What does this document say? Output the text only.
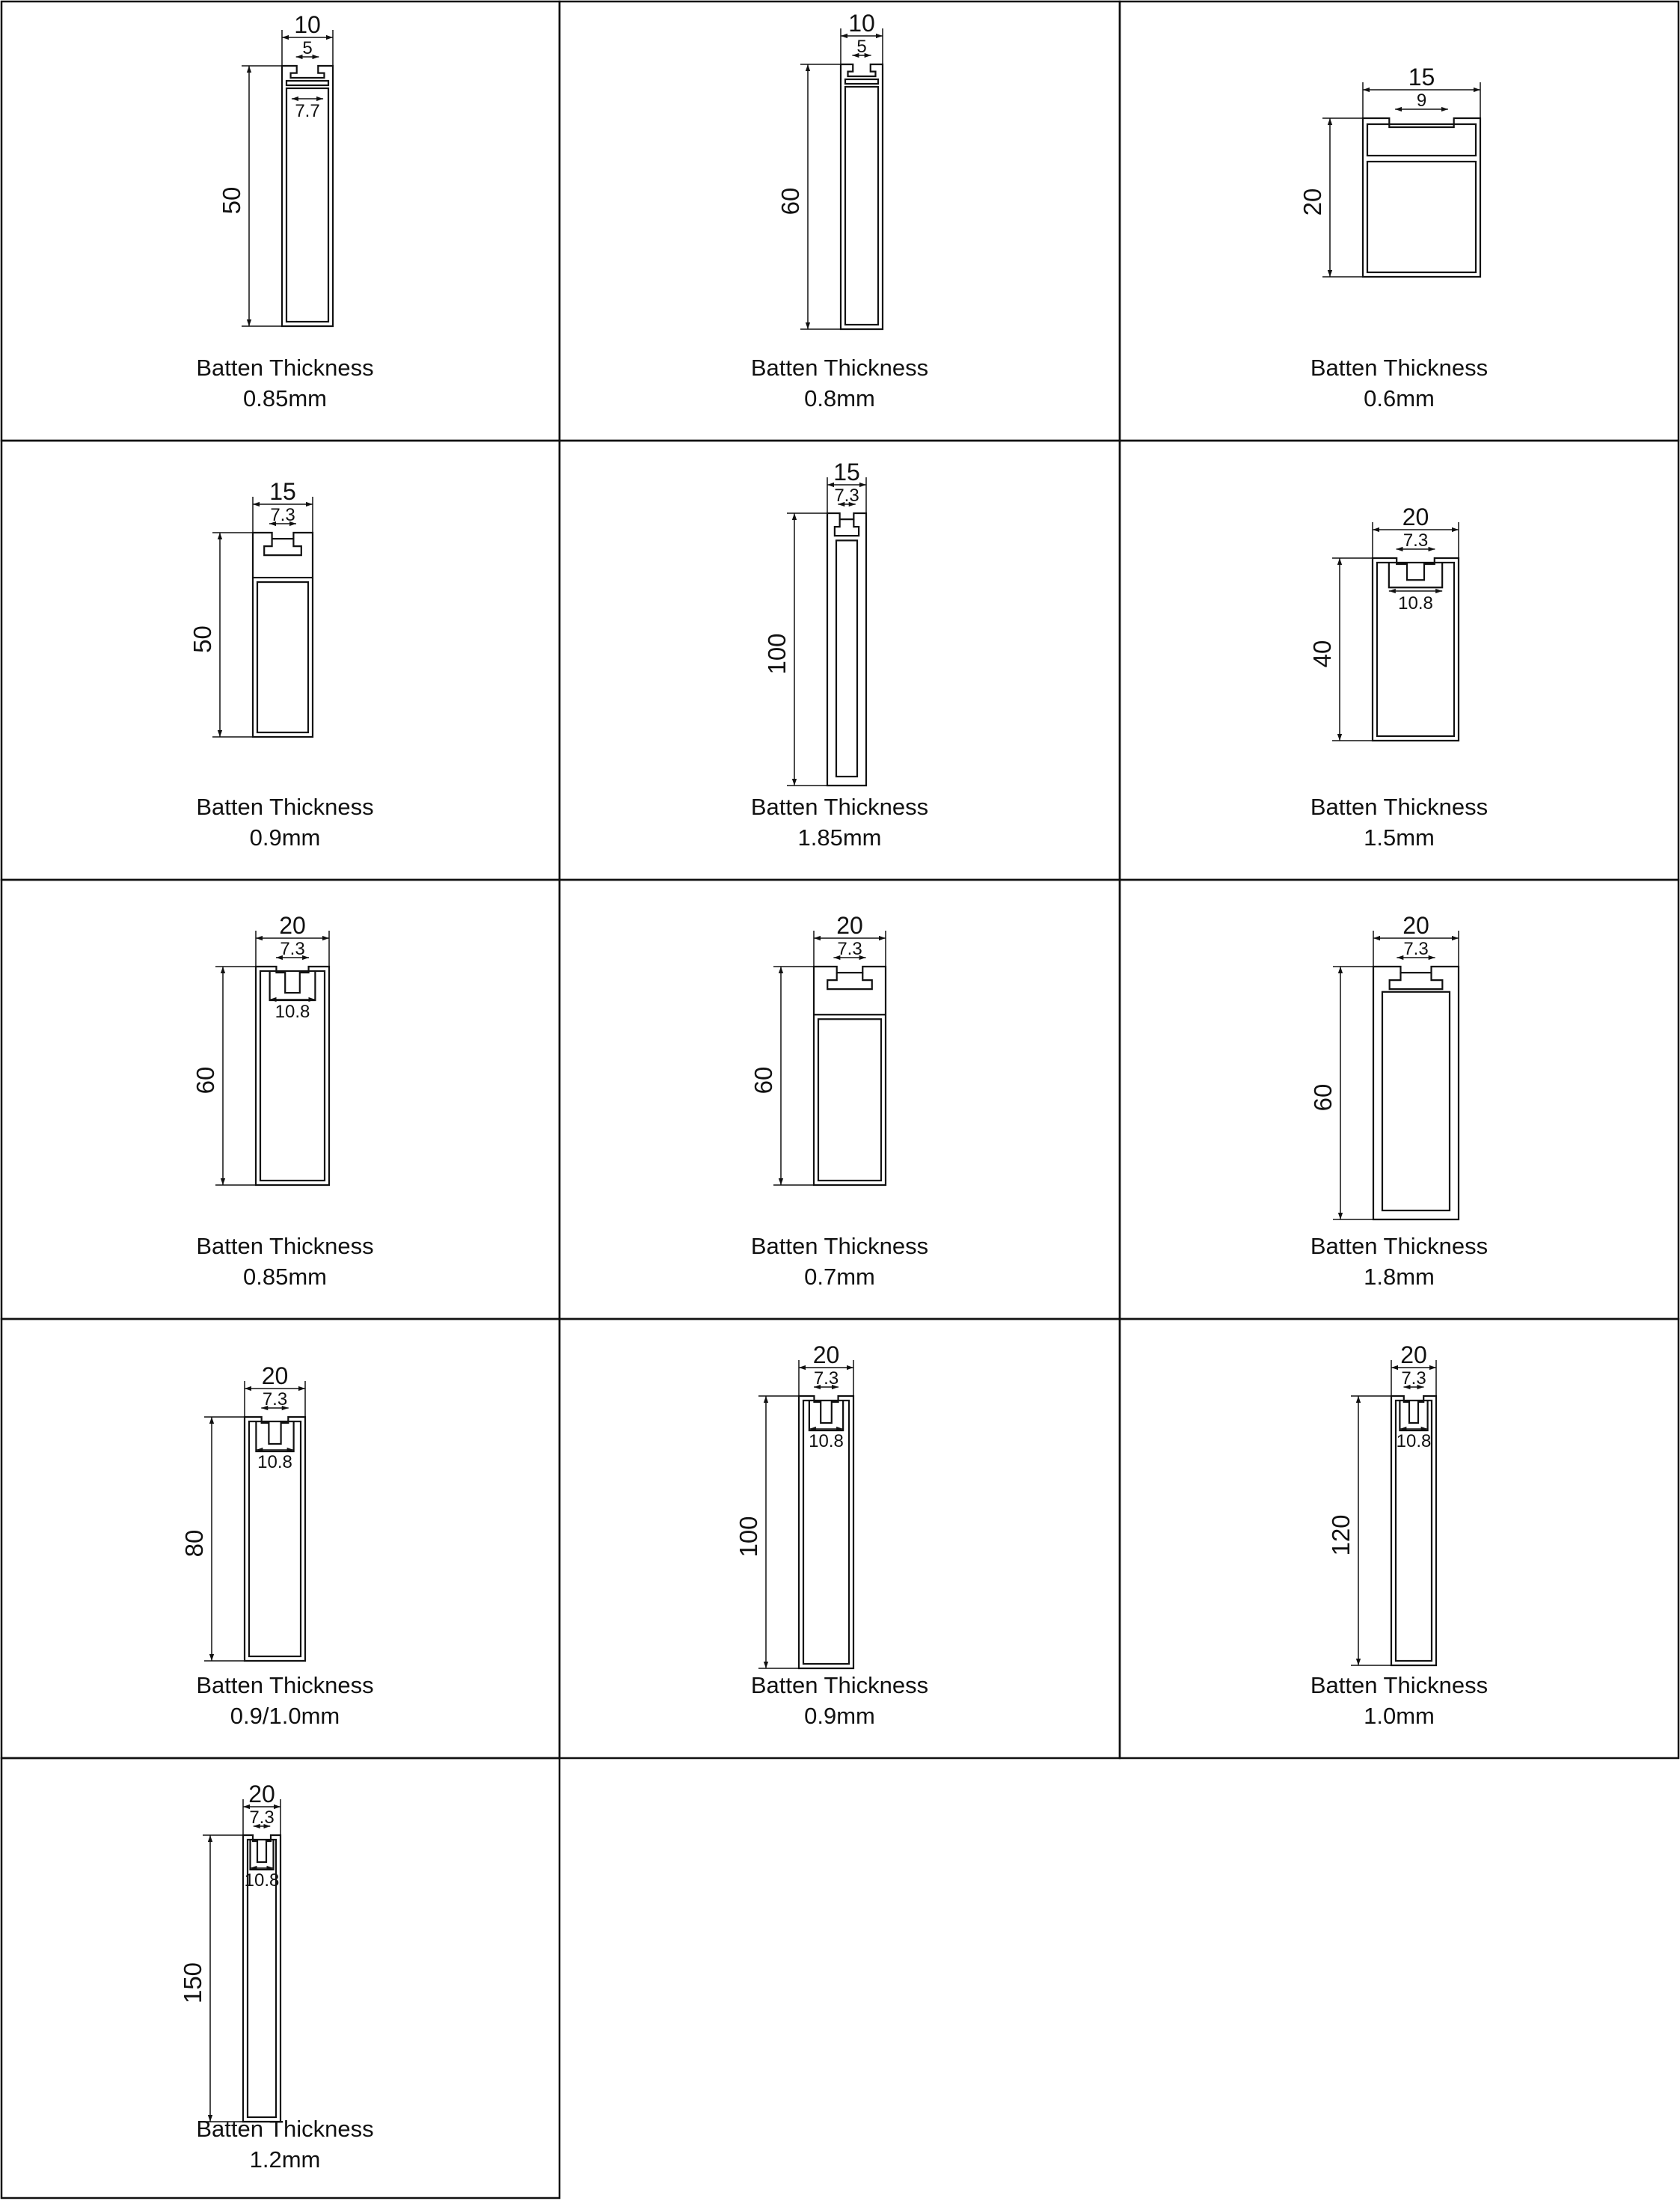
50
10
5
7.7
Batten Thickness
0.85mm
60
10
5
Batten Thickness
0.8mm
20
15
9
Batten Thickness
0.6mm
50
15
7.3
Batten Thickness
0.9mm
100
15
7.3
Batten Thickness
1.85mm
40
20
7.3
10.8
Batten Thickness
1.5mm
60
20
7.3
10.8
Batten Thickness
0.85mm
60
20
7.3
Batten Thickness
0.7mm
60
20
7.3
Batten Thickness
1.8mm
80
20
7.3
10.8
Batten Thickness
0.9/1.0mm
100
20
7.3
10.8
Batten Thickness
0.9mm
120
20
7.3
10.8
Batten Thickness
1.0mm
150
20
7.3
10.8
Batten Thickness
1.2mm
